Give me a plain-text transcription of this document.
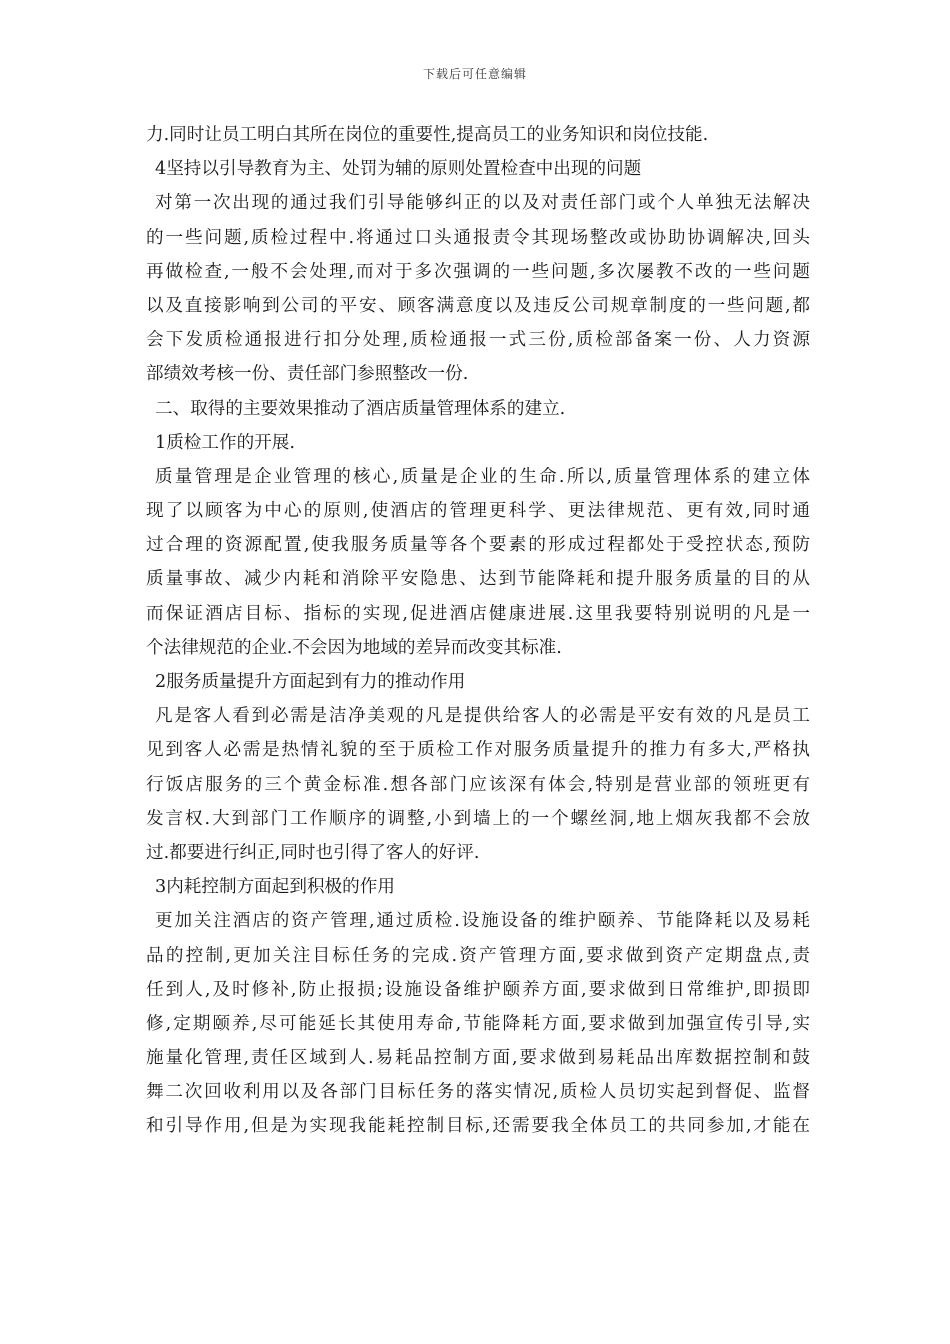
下载后可任意编辑
力.同时让员工明白其所在岗位的重要性,提高员工的业务知识和岗位技能.
4坚持以引导教育为主、处罚为辅的原则处置检查中出现的问题
对第一次出现的通过我们引导能够纠正的以及对责任部门或个人单独无法解决
的一些问题,质检过程中.将通过口头通报责令其现场整改或协助协调解决,回头
再做检查,一般不会处理,而对于多次强调的一些问题,多次屡教不改的一些问题
以及直接影响到公司的平安、顾客满意度以及违反公司规章制度的一些问题,都
会下发质检通报进行扣分处理,质检通报一式三份,质检部备案一份、人力资源
部绩效考核一份、责任部门参照整改一份.
二、取得的主要效果推动了酒店质量管理体系的建立.
1质检工作的开展.
质量管理是企业管理的核心,质量是企业的生命.所以,质量管理体系的建立体
现了以顾客为中心的原则,使酒店的管理更科学、更法律规范、更有效,同时通
过合理的资源配置,使我服务质量等各个要素的形成过程都处于受控状态,预防
质量事故、减少内耗和消除平安隐患、达到节能降耗和提升服务质量的目的从
而保证酒店目标、指标的实现,促进酒店健康进展.这里我要特别说明的凡是一
个法律规范的企业.不会因为地域的差异而改变其标准.
2服务质量提升方面起到有力的推动作用
凡是客人看到必需是洁净美观的凡是提供给客人的必需是平安有效的凡是员工
见到客人必需是热情礼貌的至于质检工作对服务质量提升的推力有多大,严格执
行饭店服务的三个黄金标准.想各部门应该深有体会,特别是营业部的领班更有
发言权.大到部门工作顺序的调整,小到墙上的一个螺丝洞,地上烟灰我都不会放
过.都要进行纠正,同时也引得了客人的好评.
3内耗控制方面起到积极的作用
更加关注酒店的资产管理,通过质检.设施设备的维护颐养、节能降耗以及易耗
品的控制,更加关注目标任务的完成.资产管理方面,要求做到资产定期盘点,责
任到人,及时修补,防止报损;设施设备维护颐养方面,要求做到日常维护,即损即
修,定期颐养,尽可能延长其使用寿命,节能降耗方面,要求做到加强宣传引导,实
施量化管理,责任区域到人.易耗品控制方面,要求做到易耗品出库数据控制和鼓
舞二次回收利用以及各部门目标任务的落实情况,质检人员切实起到督促、监督
和引导作用,但是为实现我能耗控制目标,还需要我全体员工的共同参加,才能在
